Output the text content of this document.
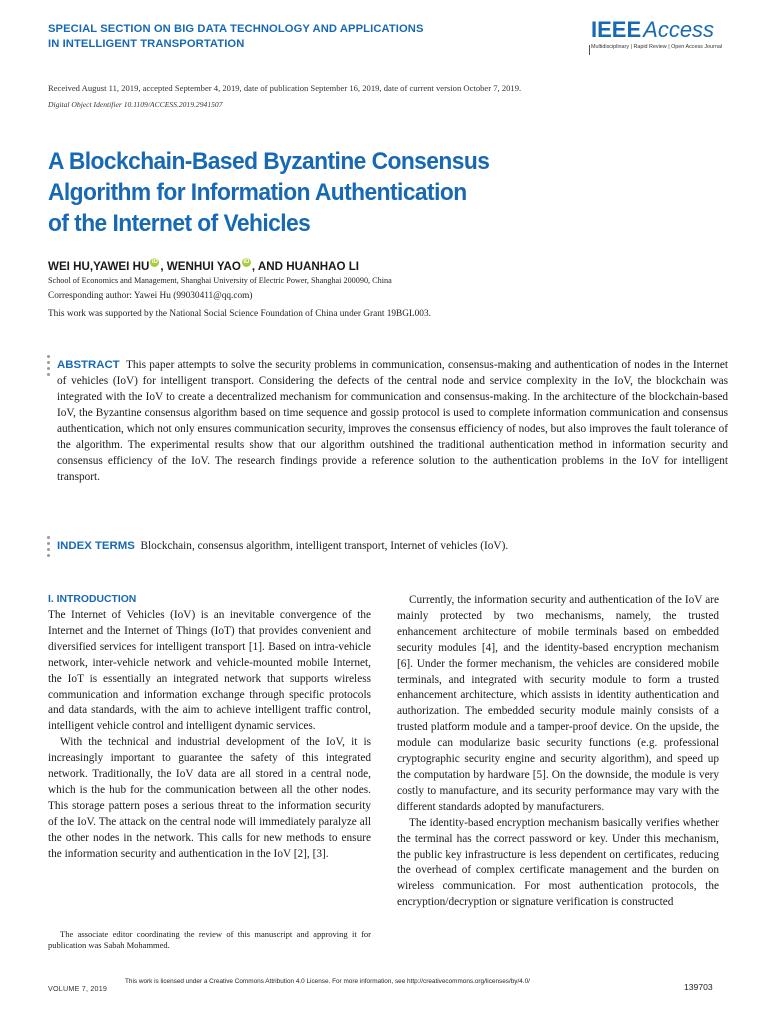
SPECIAL SECTION ON BIG DATA TECHNOLOGY AND APPLICATIONS
IN INTELLIGENT TRANSPORTATION
IEEE Access
Multidisciplinary | Rapid Review | Open Access Journal
Received August 11, 2019, accepted September 4, 2019, date of publication September 16, 2019, date of current version October 7, 2019.
Digital Object Identifier 10.1109/ACCESS.2019.2941507
A Blockchain-Based Byzantine Consensus
Algorithm for Information Authentication
of the Internet of Vehicles
WEI HU, YAWEI HU iD , WENHUI YAO iD , AND HUANHAO LI
School of Economics and Management, Shanghai University of Electric Power, Shanghai 200090, China
Corresponding author: Yawei Hu (99030411@qq.com)
This work was supported by the National Social Science Foundation of China under Grant 19BGL003.
ABSTRACT This paper attempts to solve the security problems in communication, consensus-making and authentication of nodes in the Internet of vehicles (IoV) for intelligent transport. Considering the defects of the central node and service complexity in the IoV, the blockchain was integrated with the IoV to create a decentralized mechanism for communication and consensus-making. In the architecture of the blockchain-based IoV, the Byzantine consensus algorithm based on time sequence and gossip protocol is used to complete information communication and consensus authentication, which not only ensures communication security, improves the consensus efficiency of nodes, but also improves the fault tolerance of the algorithm. The experimental results show that our algorithm outshined the traditional authentication method in information security and consensus efficiency of the IoV. The research findings provide a reference solution to the authentication problems in the IoV for intelligent transport.
INDEX TERMS Blockchain, consensus algorithm, intelligent transport, Internet of vehicles (IoV).
I. INTRODUCTION

The Internet of Vehicles (IoV) is an inevitable convergence of the Internet and the Internet of Things (IoT) that provides convenient and diversified services for intelligent transport [1]. Based on intra-vehicle network, inter-vehicle network and vehicle-mounted mobile Internet, the IoT is essentially an integrated network that supports wireless communication and information exchange through specific protocols and data standards, with the aim to achieve intelligent traffic control, intelligent vehicle control and intelligent dynamic services.

With the technical and industrial development of the IoV, it is increasingly important to guarantee the safety of this integrated network. Traditionally, the IoV data are all stored in a central node, which is the hub for the communication between all the other nodes. This storage pattern poses a serious threat to the information security of the IoV. The attack on the central node will immediately paralyze all the other nodes in the network. This calls for new methods to ensure the information security and authentication in the IoV [2], [3].

Currently, the information security and authentication of the IoV are mainly protected by two mechanisms, namely, the trusted enhancement architecture of mobile terminals based on embedded security modules [4], and the identity-based encryption mechanism [6]. Under the former mechanism, the vehicles are considered mobile terminals, and integrated with security module to form a trusted enhancement architecture, which assists in identity authentication and authorization. The embedded security module mainly consists of a trusted platform module and a tamper-proof device. On the upside, the module can modularize basic security functions (e.g. professional cryptographic security engine and security algorithm), and speed up the computation by hardware [5]. On the downside, the module is very costly to manufacture, and its security performance may vary with the different standards adopted by manufacturers.

The identity-based encryption mechanism basically verifies whether the terminal has the correct password or key. Under this mechanism, the public key infrastructure is less dependent on certificates, reducing the overhead of complex certificate management and the burden on wireless communication. For most authentication protocols, the encryption/decryption or signature verification is constructed

The associate editor coordinating the review of this manuscript and approving it for publication was Sabah Mohammed.
VOLUME 7, 2019
This work is licensed under a Creative Commons Attribution 4.0 License. For more information, see http://creativecommons.org/licenses/by/4.0/
139703
